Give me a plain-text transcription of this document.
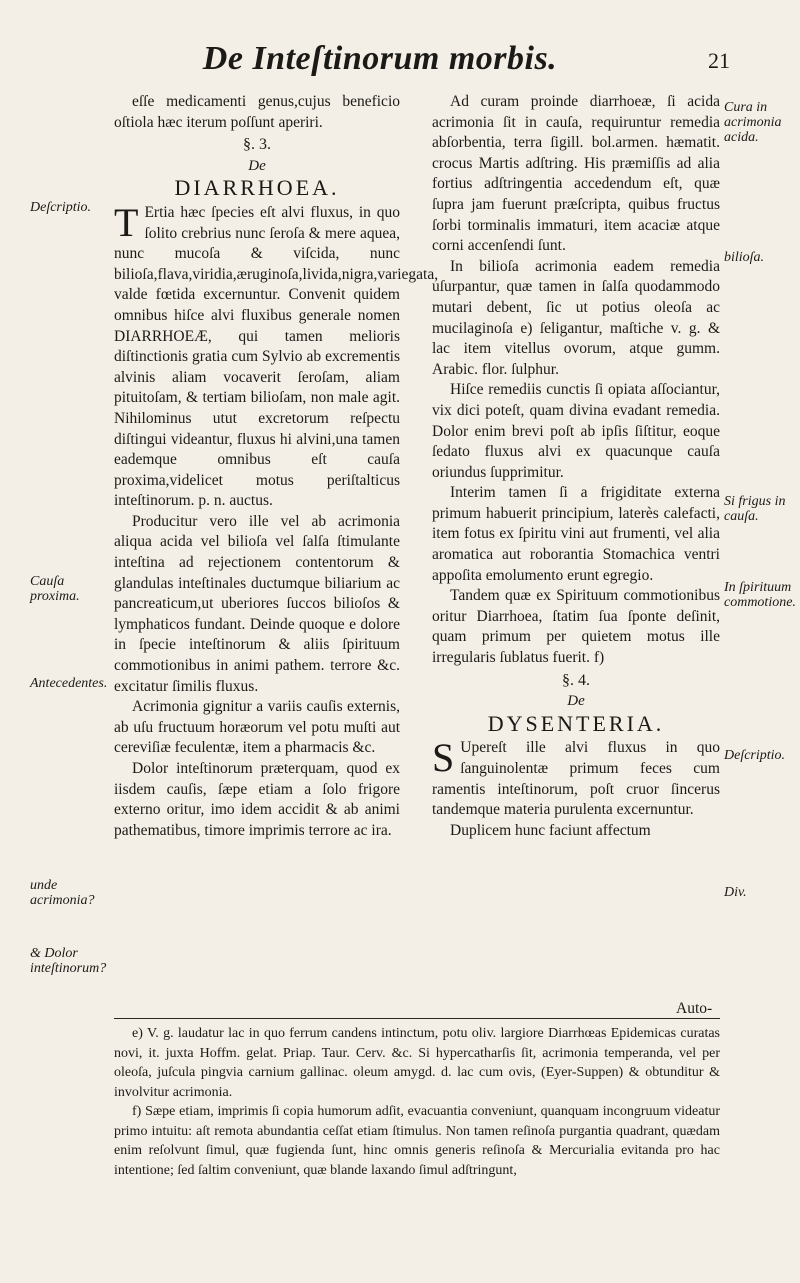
De Inteſtinorum morbis.	21
Deſcriptio.
Cauſa proxima.
Antecedentes.
unde acrimonia?
& Dolor inteſtinorum?
Cura in acrimonia acida.
bilioſa.
Si frigus in cauſa.
In ſpirituum commotione.
Deſcriptio.
Div.

eſſe medicamenti genus,cujus beneficio oſtiola hæc iterum poſſunt aperiri.

§. 3.
De
DIARRHOEA.

T Ertia hæc ſpecies eſt alvi fluxus, in quo ſolito crebrius nunc ſeroſa & mere aquea, nunc mucoſa & viſcida, nunc bilioſa,flava,viridia,æruginoſa,livida,nigra,variegata, valde fœtida excernuntur. Convenit quidem omnibus hiſce alvi fluxibus generale nomen DIARRHOEÆ, qui tamen melioris diſtinctionis gratia cum Sylvio ab excrementis alvinis aliam vocaverit ſeroſam, aliam pituitoſam, & tertiam bilioſam, non male agit. Nihilominus utut excretorum reſpectu diſtingui videantur, fluxus hi alvini,una tamen eademque omnibus eſt cauſa proxima,videlicet motus periſtalticus inteſtinorum. p. n. auctus.

Producitur vero ille vel ab acrimonia aliqua acida vel bilioſa vel ſalſa ſtimulante inteſtina ad rejectionem contentorum & glandulas inteſtinales ductumque biliarium ac pancreaticum,ut uberiores ſuccos bilioſos & lymphaticos fundant. Deinde quoque e dolore in ſpecie inteſtinorum & aliis ſpirituum commotionibus in animi pathem. terrore &c. excitatur ſimilis fluxus.

Acrimonia gignitur a variis cauſis externis, ab uſu fructuum horæorum vel potu muſti aut cereviſiæ feculentæ, item a pharmacis &c.

Dolor inteſtinorum præterquam, quod ex iisdem cauſis, ſæpe etiam a ſolo frigore externo oritur, imo idem accidit & ab animi pathematibus, timore imprimis terrore ac ira.

Ad curam proinde diarrhoeæ, ſi acida acrimonia ſit in cauſa, requiruntur remedia abſorbentia, terra ſigill. bol.armen. hæmatit. crocus Martis adſtring. His præmiſſis ad alia fortius adſtringentia accedendum eſt, quæ ſupra jam fuerunt præſcripta, quibus fructus ſorbi torminalis immaturi, item acaciæ atque corni accenſendi ſunt.

In bilioſa acrimonia eadem remedia uſurpantur, quæ tamen in ſalſa quodammodo mutari debent, ſic ut potius oleoſa ac mucilaginoſa e) ſeligantur, maſtiche v. g. & lac item vitellus ovorum, atque gumm. Arabic. flor. ſulphur.

Hiſce remediis cunctis ſi opiata aſſociantur, vix dici poteſt, quam divina evadant remedia. Dolor enim brevi poſt ab ipſis ſiſtitur, eoque ſedato fluxus alvi ex quacunque cauſa oriundus ſupprimitur.

Interim tamen ſi a frigiditate externa primum habuerit principium, laterès calefacti, item fotus ex ſpiritu vini aut frumenti, vel alia aromatica aut roborantia Stomachica ventri appoſita emolumento erunt egregio.

Tandem quæ ex Spirituum commotionibus oritur Diarrhoea, ſtatim ſua ſponte deſinit, quam primum per quietem motus ille irregularis ſublatus fuerit. f)

§. 4.
De
DYSENTERIA.

S Upereſt ille alvi fluxus in quo ſanguinolentæ primum feces cum ramentis inteſtinorum, poſt cruor ſincerus tandemque materia purulenta excernuntur.

Duplicem hunc faciunt affectum

Auto-

e) V. g. laudatur lac in quo ferrum candens intinctum, potu oliv. largiore Diarrhœas Epidemicas curatas novi, it. juxta Hoffm. gelat. Priap. Taur. Cerv. &c. Si hypercatharſis ſit, acrimonia temperanda, vel per oleoſa, juſcula pingvia carnium gallinac. oleum amygd. d. lac cum ovis, (Eyer-Suppen) & obtunditur & involvitur acrimonia.

f) Sæpe etiam, imprimis ſi copia humorum adſit, evacuantia conveniunt, quanquam incongruum videatur primo intuitu: aſt remota abundantia ceſſat etiam ſtimulus. Non tamen reſinoſa purgantia quadrant, quædam enim reſolvunt ſimul, quæ fugienda ſunt, hinc omnis generis reſinoſa & Mercurialia evitanda pro hac intentione; ſed ſaltim conveniunt, quæ blande laxando ſimul adſtringunt,
